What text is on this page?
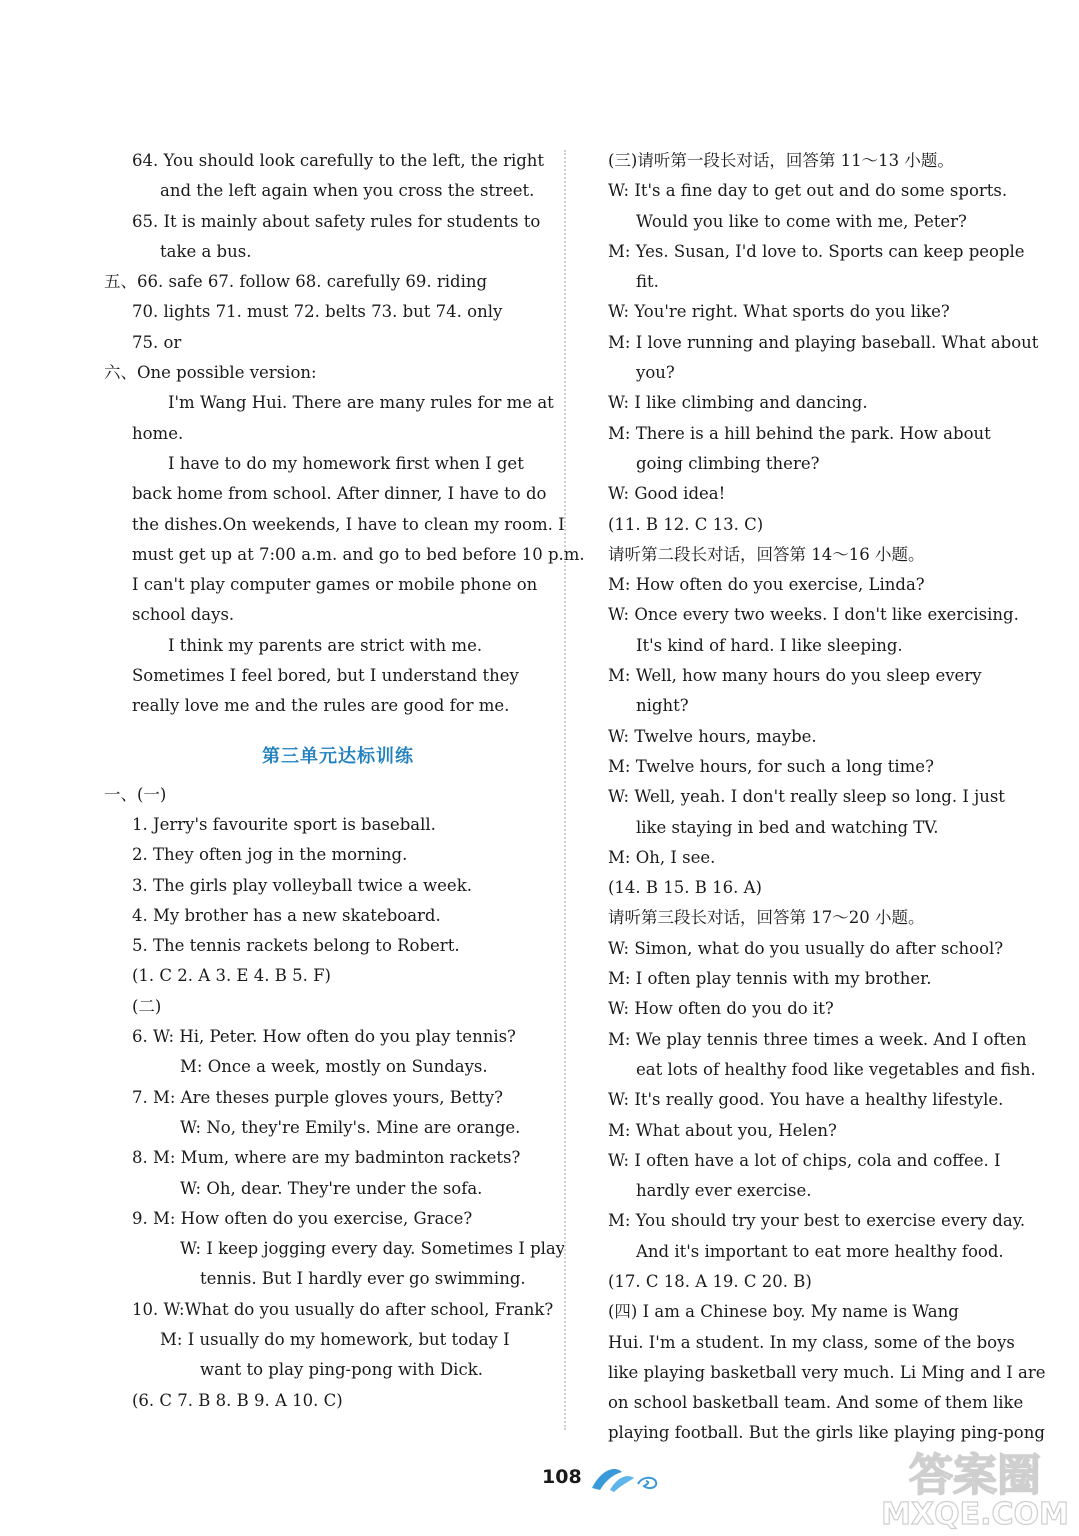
64. You should look carefully to the left, the right
and the left again when you cross the street.
65. It is mainly about safety rules for students to
take a bus.
五、66. safe 67. follow 68. carefully 69. riding
70. lights 71. must 72. belts 73. but 74. only
75. or
六、One possible version:
I'm Wang Hui. There are many rules for me at
home.
I have to do my homework first when I get
back home from school. After dinner, I have to do
the dishes.On weekends, I have to clean my room. I
must get up at 7:00 a.m. and go to bed before 10 p.m.
I can't play computer games or mobile phone on
school days.
I think my parents are strict with me.
Sometimes I feel bored, but I understand they
really love me and the rules are good for me.
第三单元达标训练
一、(一)
1. Jerry's favourite sport is baseball.
2. They often jog in the morning.
3. The girls play volleyball twice a week.
4. My brother has a new skateboard.
5. The tennis rackets belong to Robert.
(1. C 2. A 3. E 4. B 5. F)
(二)
6. W: Hi, Peter. How often do you play tennis?
M: Once a week, mostly on Sundays.
7. M: Are theses purple gloves yours, Betty?
W: No, they're Emily's. Mine are orange.
8. M: Mum, where are my badminton rackets?
W: Oh, dear. They're under the sofa.
9. M: How often do you exercise, Grace?
W: I keep jogging every day. Sometimes I play
tennis. But I hardly ever go swimming.
10. W:What do you usually do after school, Frank?
M: I usually do my homework, but today I
want to play ping-pong with Dick.
(6. C 7. B 8. B 9. A 10. C)
(三)请听第一段长对话，回答第 11～13 小题。
W: It's a fine day to get out and do some sports.
Would you like to come with me, Peter?
M: Yes. Susan, I'd love to. Sports can keep people
fit.
W: You're right. What sports do you like?
M: I love running and playing baseball. What about
you?
W: I like climbing and dancing.
M: There is a hill behind the park. How about
going climbing there?
W: Good idea!
(11. B 12. C 13. C)
请听第二段长对话，回答第 14～16 小题。
M: How often do you exercise, Linda?
W: Once every two weeks. I don't like exercising.
It's kind of hard. I like sleeping.
M: Well, how many hours do you sleep every
night?
W: Twelve hours, maybe.
M: Twelve hours, for such a long time?
W: Well, yeah. I don't really sleep so long. I just
like staying in bed and watching TV.
M: Oh, I see.
(14. B 15. B 16. A)
请听第三段长对话，回答第 17～20 小题。
W: Simon, what do you usually do after school?
M: I often play tennis with my brother.
W: How often do you do it?
M: We play tennis three times a week. And I often
eat lots of healthy food like vegetables and fish.
W: It's really good. You have a healthy lifestyle.
M: What about you, Helen?
W: I often have a lot of chips, cola and coffee. I
hardly ever exercise.
M: You should try your best to exercise every day.
And it's important to eat more healthy food.
(17. C 18. A 19. C 20. B)
(四) I am a Chinese boy. My name is Wang
Hui. I'm a student. In my class, some of the boys
like playing basketball very much. Li Ming and I are
on school basketball team. And some of them like
playing football. But the girls like playing ping-pong
108	答案圈
MXQE.COM
